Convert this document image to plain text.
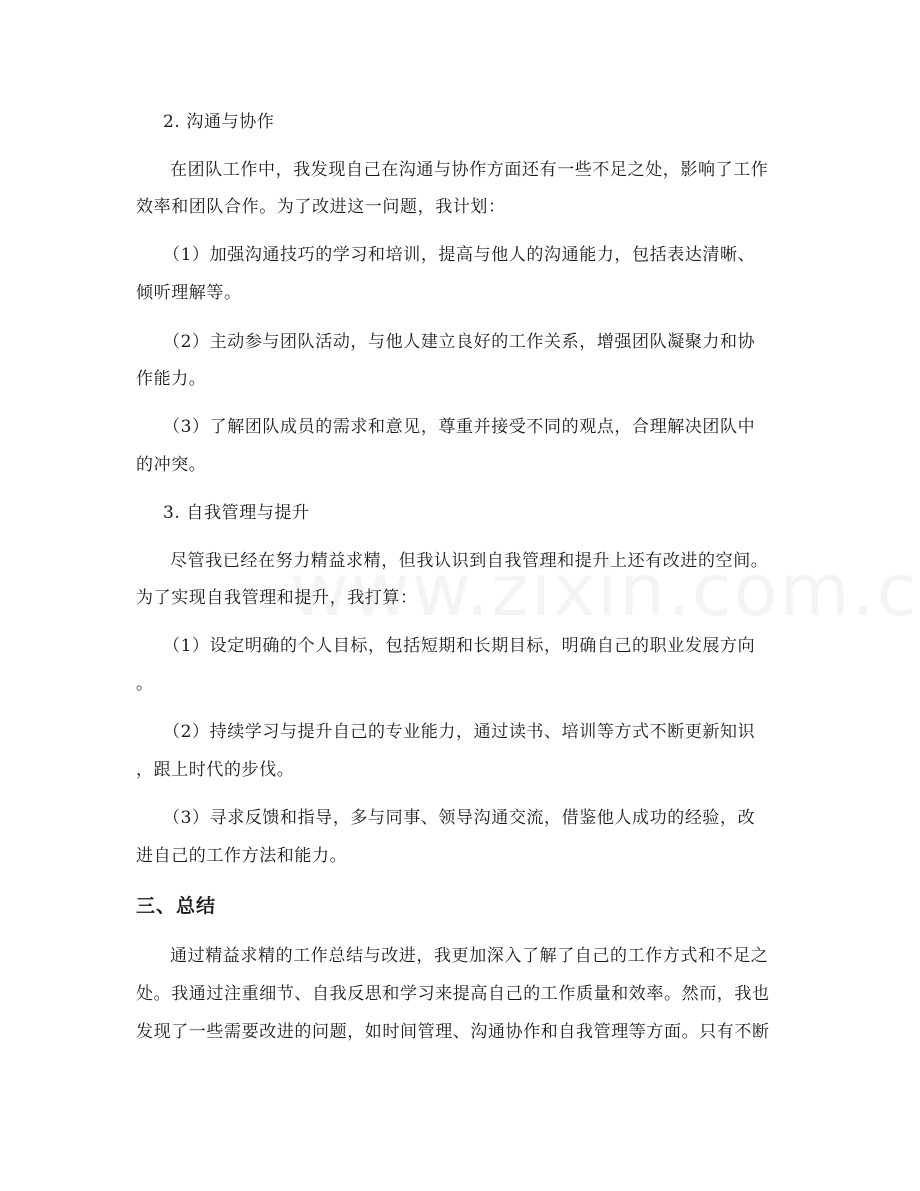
2. 沟通与协作
在团队工作中，我发现自己在沟通与协作方面还有一些不足之处，影响了工作
效率和团队合作。为了改进这一问题，我计划：
（1）加强沟通技巧的学习和培训，提高与他人的沟通能力，包括表达清晰、
倾听理解等。
（2）主动参与团队活动，与他人建立良好的工作关系，增强团队凝聚力和协
作能力。
（3）了解团队成员的需求和意见，尊重并接受不同的观点，合理解决团队中
的冲突。
3. 自我管理与提升
尽管我已经在努力精益求精，但我认识到自我管理和提升上还有改进的空间。
为了实现自我管理和提升，我打算：
（1）设定明确的个人目标，包括短期和长期目标，明确自己的职业发展方向
。
（2）持续学习与提升自己的专业能力，通过读书、培训等方式不断更新知识
，跟上时代的步伐。
（3）寻求反馈和指导，多与同事、领导沟通交流，借鉴他人成功的经验，改
进自己的工作方法和能力。
三、总结
通过精益求精的工作总结与改进，我更加深入了解了自己的工作方式和不足之
处。我通过注重细节、自我反思和学习来提高自己的工作质量和效率。然而，我也
发现了一些需要改进的问题，如时间管理、沟通协作和自我管理等方面。只有不断
